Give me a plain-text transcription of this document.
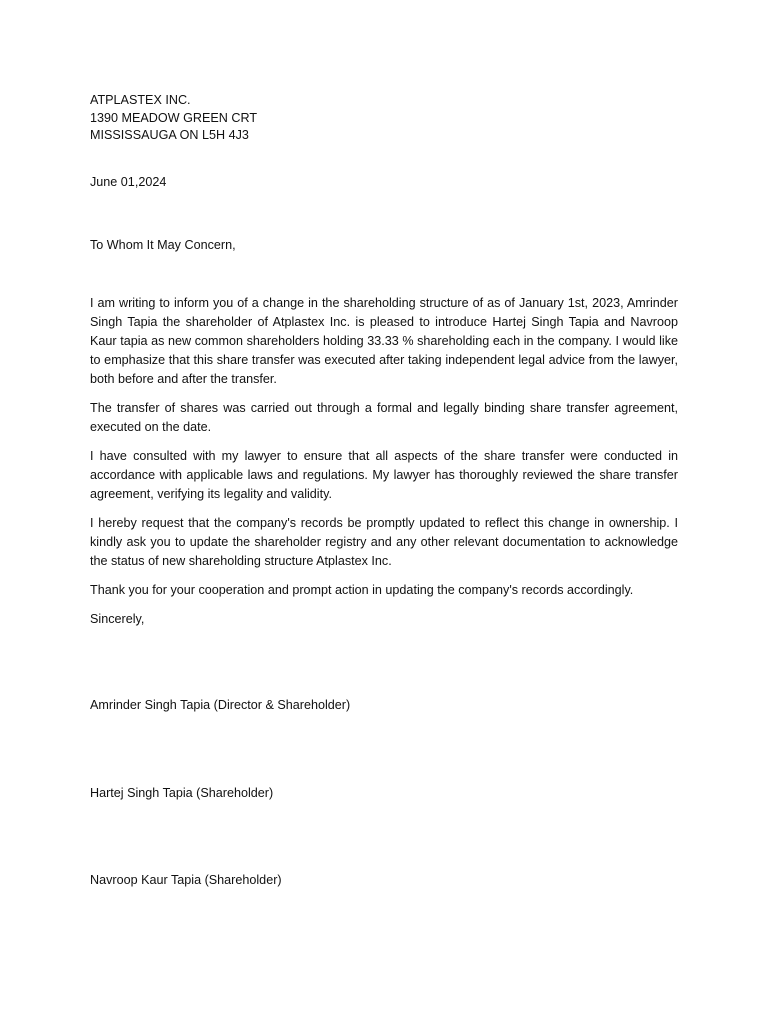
ATPLASTEX INC.
1390 MEADOW GREEN CRT
MISSISSAUGA ON L5H 4J3
June 01,2024
To Whom It May Concern,

I am writing to inform you of a change in the shareholding structure of as of January 1st, 2023, Amrinder Singh Tapia the shareholder of Atplastex Inc. is pleased to introduce Hartej Singh Tapia and Navroop Kaur tapia as new common shareholders holding 33.33 % shareholding each in the company. I would like to emphasize that this share transfer was executed after taking independent legal advice from the lawyer, both before and after the transfer.

The transfer of shares was carried out through a formal and legally binding share transfer agreement, executed on the date.

I have consulted with my lawyer to ensure that all aspects of the share transfer were conducted in accordance with applicable laws and regulations. My lawyer has thoroughly reviewed the share transfer agreement, verifying its legality and validity.

I hereby request that the company's records be promptly updated to reflect this change in ownership. I kindly ask you to update the shareholder registry and any other relevant documentation to acknowledge the status of new shareholding structure Atplastex Inc.

Thank you for your cooperation and prompt action in updating the company's records accordingly.

Sincerely,

Amrinder Singh Tapia (Director & Shareholder)
Hartej Singh Tapia (Shareholder)
Navroop Kaur Tapia (Shareholder)
